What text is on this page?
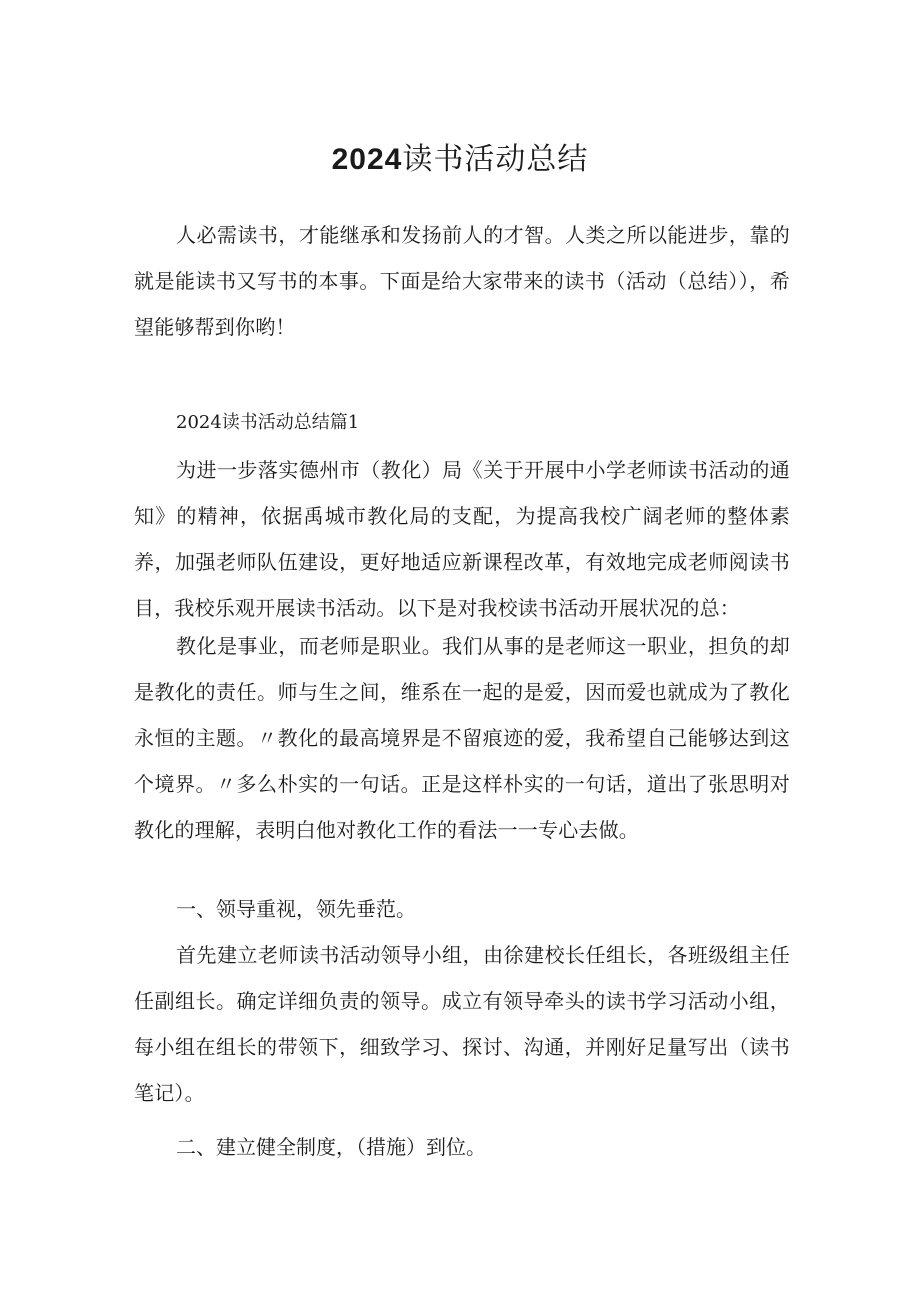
2024读书活动总结

人必需读书，才能继承和发扬前人的才智。人类之所以能进步，靠的就是能读书又写书的本事。下面是给大家带来的读书（活动（总结）），希望能够帮到你哟！

2024读书活动总结篇1

为进一步落实德州市（教化）局《关于开展中小学老师读书活动的通知》的精神，依据禹城市教化局的支配，为提高我校广阔老师的整体素养，加强老师队伍建设，更好地适应新课程改革，有效地完成老师阅读书目，我校乐观开展读书活动。以下是对我校读书活动开展状况的总：

教化是事业，而老师是职业。我们从事的是老师这一职业，担负的却是教化的责任。师与生之间，维系在一起的是爱，因而爱也就成为了教化永恒的主题。〃教化的最高境界是不留痕迹的爱，我希望自己能够达到这个境界。〃多么朴实的一句话。正是这样朴实的一句话，道出了张思明对教化的理解，表明白他对教化工作的看法一一专心去做。

一、领导重视，领先垂范。

首先建立老师读书活动领导小组，由徐建校长任组长，各班级组主任任副组长。确定详细负责的领导。成立有领导牵头的读书学习活动小组，每小组在组长的带领下，细致学习、探讨、沟通，并刚好足量写出（读书笔记）。

二、建立健全制度，（措施）到位。
